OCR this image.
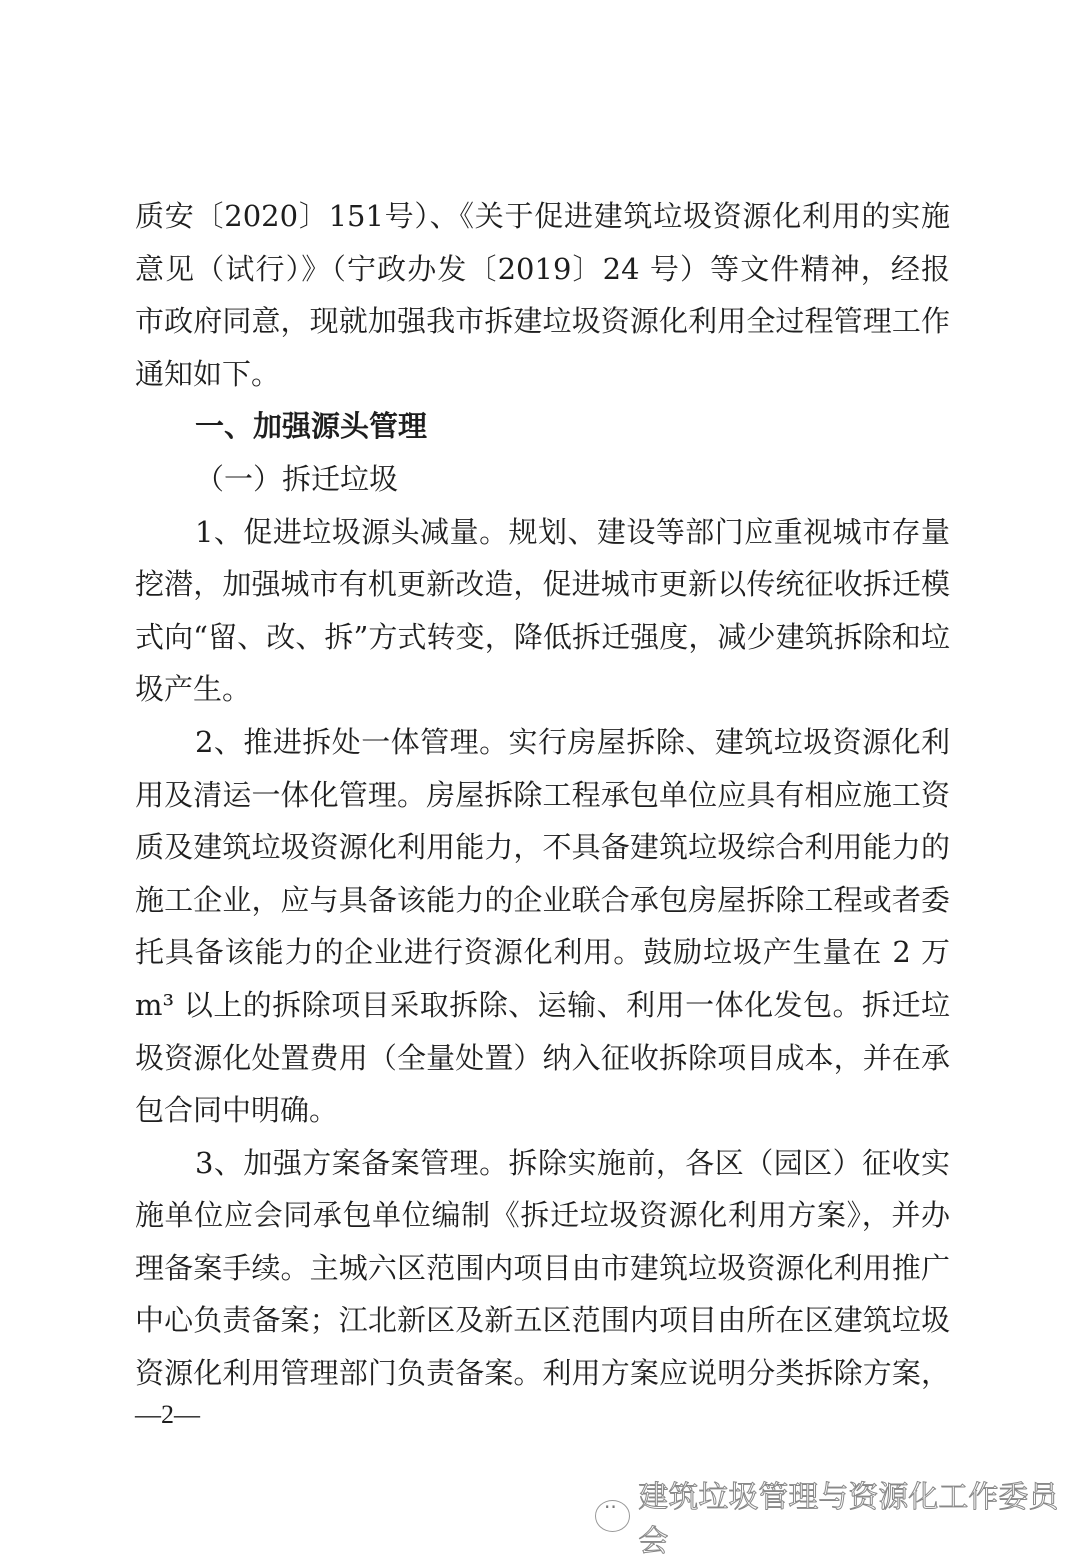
质安〔2020〕151号）、《关于促进建筑垃圾资源化利用的实施
意见（试行）》（宁政办发〔2019〕24 号）等文件精神，经报
市政府同意，现就加强我市拆建垃圾资源化利用全过程管理工作
通知如下。
一、加强源头管理
（一）拆迁垃圾
1、促进垃圾源头减量。规划、建设等部门应重视城市存量
挖潜，加强城市有机更新改造，促进城市更新以传统征收拆迁模
式向“留、改、拆”方式转变，降低拆迁强度，减少建筑拆除和垃
圾产生。
2、推进拆处一体管理。实行房屋拆除、建筑垃圾资源化利
用及清运一体化管理。房屋拆除工程承包单位应具有相应施工资
质及建筑垃圾资源化利用能力，不具备建筑垃圾综合利用能力的
施工企业，应与具备该能力的企业联合承包房屋拆除工程或者委
托具备该能力的企业进行资源化利用。鼓励垃圾产生量在 2 万
m³ 以上的拆除项目采取拆除、运输、利用一体化发包。拆迁垃
圾资源化处置费用（全量处置）纳入征收拆除项目成本，并在承
包合同中明确。
3、加强方案备案管理。拆除实施前，各区（园区）征收实
施单位应会同承包单位编制《拆迁垃圾资源化利用方案》，并办
理备案手续。主城六区范围内项目由市建筑垃圾资源化利用推广
中心负责备案；江北新区及新五区范围内项目由所在区建筑垃圾
资源化利用管理部门负责备案。利用方案应说明分类拆除方案，
—2—
··
建筑垃圾管理与资源化工作委员会
